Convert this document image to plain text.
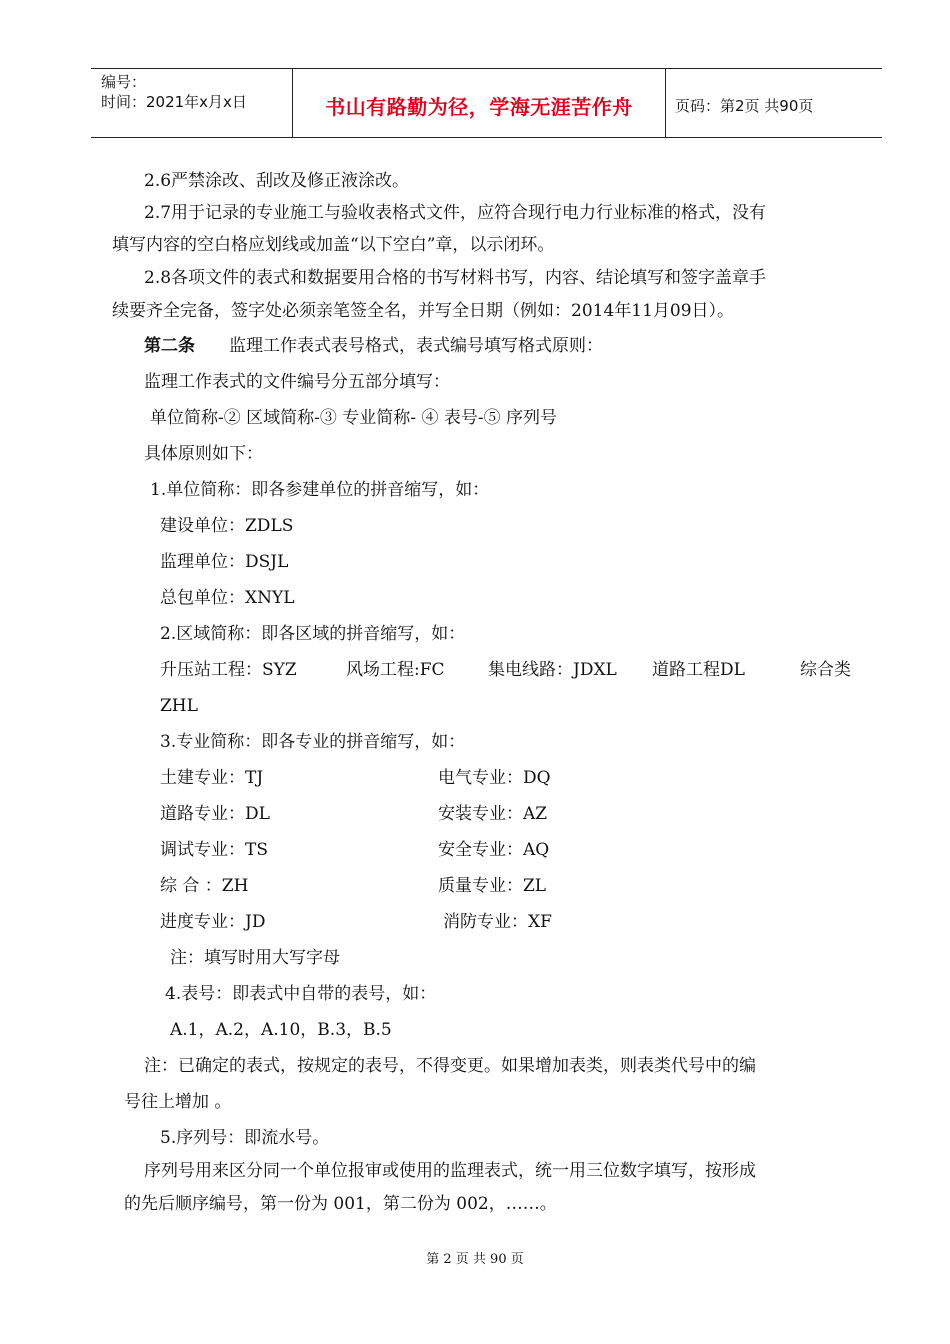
编号：
时间：2021年x月x日	书山有路勤为径，学海无涯苦作舟	页码：第2页 共90页
2.6严禁涂改、刮改及修正液涂改。
2.7用于记录的专业施工与验收表格式文件，应符合现行电力行业标准的格式，没有
填写内容的空白格应划线或加盖“以下空白”章，以示闭环。
2.8各项文件的表式和数据要用合格的书写材料书写，内容、结论填写和签字盖章手
续要齐全完备，签字处必须亲笔签全名，并写全日期（例如：2014年11月09日）。
第二条 监理工作表式表号格式，表式编号填写格式原则：
监理工作表式的文件编号分五部分填写：
单位简称-② 区域简称-③ 专业简称- ④ 表号-⑤ 序列号
具体原则如下：
1.单位简称：即各参建单位的拼音缩写，如：
建设单位：ZDLS
监理单位：DSJL
总包单位：XNYL
2.区域简称：即各区域的拼音缩写，如：
升压站工程：SYZ	风场工程:FC	集电线路：JDXL 道路工程DL	综合类
ZHL
3.专业简称：即各专业的拼音缩写，如：
土建专业：TJ	电气专业：DQ
道路专业：DL	安装专业：AZ
调试专业：TS	安全专业：AQ
综 合 ：ZH	质量专业：ZL
进度专业：JD	消防专业：XF
注：填写时用大写字母
4.表号：即表式中自带的表号，如：
A.1，A.2，A.10，B.3，B.5
注：已确定的表式，按规定的表号，不得变更。如果增加表类，则表类代号中的编
号往上增加 。
5.序列号：即流水号。
序列号用来区分同一个单位报审或使用的监理表式，统一用三位数字填写，按形成
的先后顺序编号，第一份为 001，第二份为 002，……。
第 2 页 共 90 页
